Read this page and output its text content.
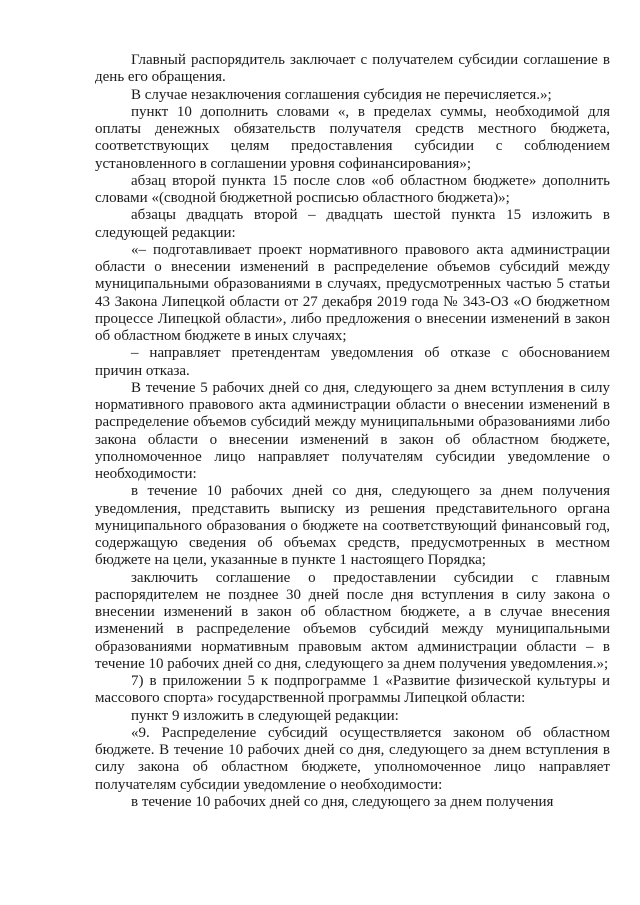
Главный распорядитель заключает с получателем субсидии соглашение в день его обращения.

В случае незаключения соглашения субсидия не перечисляется.»;

пункт 10 дополнить словами «, в пределах суммы, необходимой для оплаты денежных обязательств получателя средств местного бюджета, соответствующих целям предоставления субсидии с соблюдением установленного в соглашении уровня софинансирования»;

абзац второй пункта 15 после слов «об областном бюджете» дополнить словами «(сводной бюджетной росписью областного бюджета)»;

абзацы двадцать второй – двадцать шестой пункта 15 изложить в следующей редакции:

«– подготавливает проект нормативного правового акта администрации области о внесении изменений в распределение объемов субсидий между муниципальными образованиями в случаях, предусмотренных частью 5 статьи 43 Закона Липецкой области от 27 декабря 2019 года № 343-ОЗ «О бюджетном процессе Липецкой области», либо предложения о внесении изменений в закон об областном бюджете в иных случаях;

– направляет претендентам уведомления об отказе с обоснованием причин отказа.

В течение 5 рабочих дней со дня, следующего за днем вступления в силу нормативного правового акта администрации области о внесении изменений в распределение объемов субсидий между муниципальными образованиями либо закона области о внесении изменений в закон об областном бюджете, уполномоченное лицо направляет получателям субсидии уведомление о необходимости:

в течение 10 рабочих дней со дня, следующего за днем получения уведомления, представить выписку из решения представительного органа муниципального образования о бюджете на соответствующий финансовый год, содержащую сведения об объемах средств, предусмотренных в местном бюджете на цели, указанные в пункте 1 настоящего Порядка;

заключить соглашение о предоставлении субсидии с главным распорядителем не позднее 30 дней после дня вступления в силу закона о внесении изменений в закон об областном бюджете, а в случае внесения изменений в распределение объемов субсидий между муниципальными образованиями нормативным правовым актом администрации области – в течение 10 рабочих дней со дня, следующего за днем получения уведомления.»;

7) в приложении 5 к подпрограмме 1 «Развитие физической культуры и массового спорта» государственной программы Липецкой области:

пункт 9 изложить в следующей редакции:

«9. Распределение субсидий осуществляется законом об областном бюджете. В течение 10 рабочих дней со дня, следующего за днем вступления в силу закона об областном бюджете, уполномоченное лицо направляет получателям субсидии уведомление о необходимости:

в течение 10 рабочих дней со дня, следующего за днем получения
